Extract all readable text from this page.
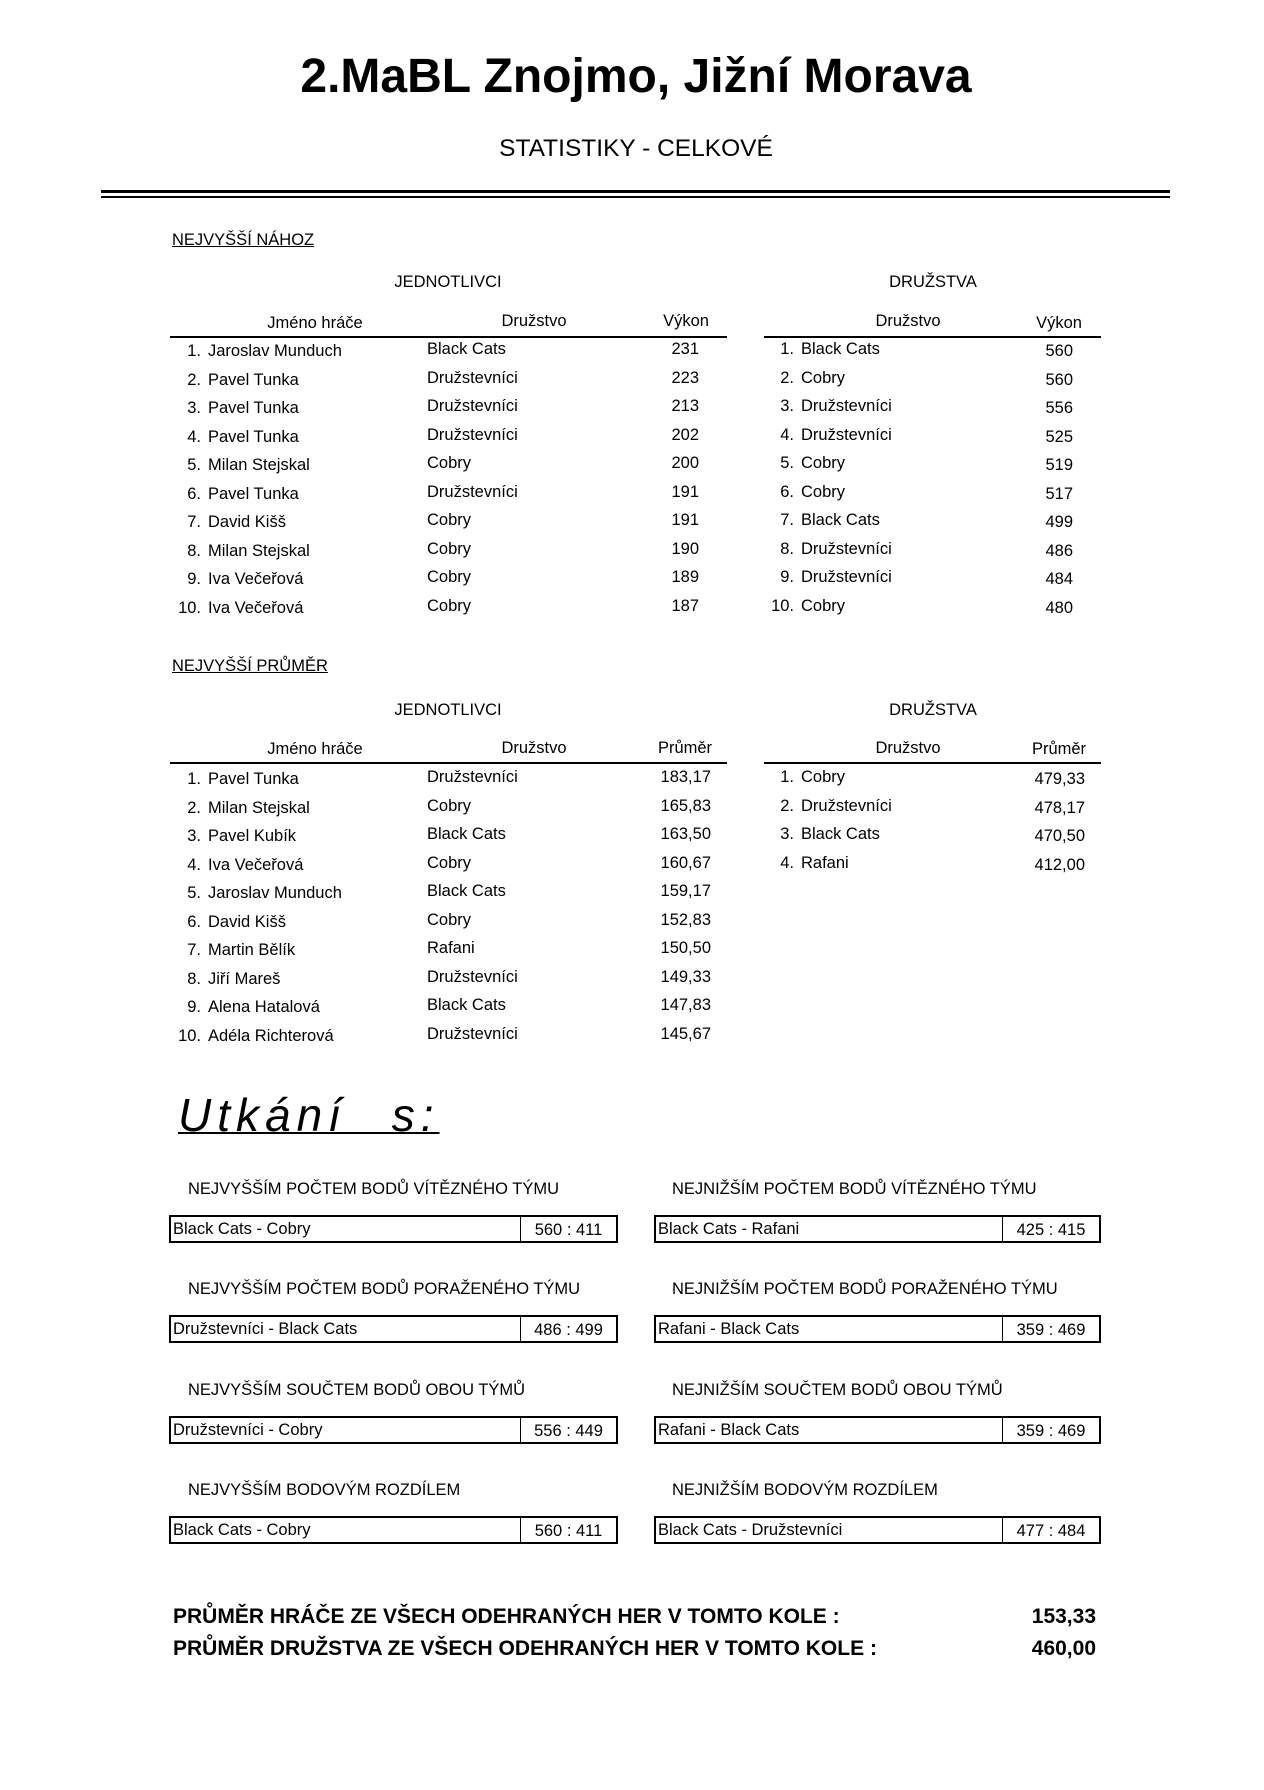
2.MaBL Znojmo, Jižní Morava
STATISTIKY - CELKOVÉ
NEJVYŠŠÍ NÁHOZ
JEDNOTLIVCI	DRUŽSTVA
Jméno hráče	Družstvo	Výkon	Družstvo	Výkon
1. Jaroslav Munduch	Black Cats	231
2. Pavel Tunka	Družstevníci	223
3. Pavel Tunka	Družstevníci	213
4. Pavel Tunka	Družstevníci	202
5. Milan Stejskal	Cobry	200
6. Pavel Tunka	Družstevníci	191
7. David Kišš	Cobry	191
8. Milan Stejskal	Cobry	190
9. Iva Večeřová	Cobry	189
10. Iva Večeřová	Cobry	187
1. Black Cats	560
2. Cobry	560
3. Družstevníci	556
4. Družstevníci	525
5. Cobry	519
6. Cobry	517
7. Black Cats	499
8. Družstevníci	486
9. Družstevníci	484
10. Cobry	480
NEJVYŠŠÍ PRŮMĚR
JEDNOTLIVCI	DRUŽSTVA
Jméno hráče	Družstvo	Průměr	Družstvo	Průměr
1. Pavel Tunka	Družstevníci	183,17
2. Milan Stejskal	Cobry	165,83
3. Pavel Kubík	Black Cats	163,50
4. Iva Večeřová	Cobry	160,67
5. Jaroslav Munduch	Black Cats	159,17
6. David Kišš	Cobry	152,83
7. Martin Bělík	Rafani	150,50
8. Jiří Mareš	Družstevníci	149,33
9. Alena Hatalová	Black Cats	147,83
10. Adéla Richterová	Družstevníci	145,67
1. Cobry	479,33
2. Družstevníci	478,17
3. Black Cats	470,50
4. Rafani	412,00
Utkání s:
NEJVYŠŠÍM POČTEM BODŮ VÍTĚZNÉHO TÝMU	NEJNIŽŠÍM POČTEM BODŮ VÍTĚZNÉHO TÝMU
Black Cats - Cobry	560 : 411	Black Cats - Rafani	425 : 415
NEJVYŠŠÍM POČTEM BODŮ PORAŽENÉHO TÝMU	NEJNIŽŠÍM POČTEM BODŮ PORAŽENÉHO TÝMU
Družstevníci - Black Cats	486 : 499	Rafani - Black Cats	359 : 469
NEJVYŠŠÍM SOUČTEM BODŮ OBOU TÝMŮ	NEJNIŽŠÍM SOUČTEM BODŮ OBOU TÝMŮ
Družstevníci - Cobry	556 : 449	Rafani - Black Cats	359 : 469
NEJVYŠŠÍM BODOVÝM ROZDÍLEM	NEJNIŽŠÍM BODOVÝM ROZDÍLEM
Black Cats - Cobry	560 : 411	Black Cats - Družstevníci	477 : 484
PRŮMĚR HRÁČE ZE VŠECH ODEHRANÝCH HER V TOMTO KOLE :	153,33
PRŮMĚR DRUŽSTVA ZE VŠECH ODEHRANÝCH HER V TOMTO KOLE :	460,00
